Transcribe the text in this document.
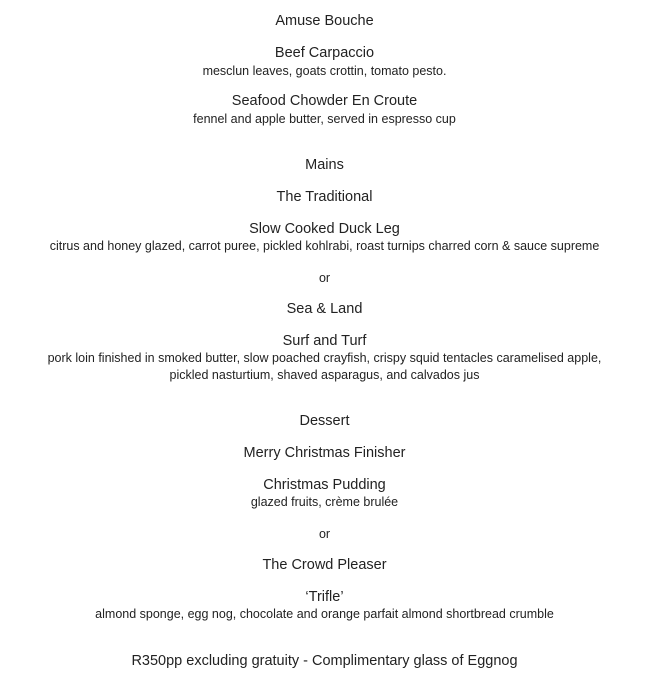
Amuse Bouche
Beef Carpaccio
mesclun leaves, goats crottin, tomato pesto.
Seafood Chowder En Croute
fennel and apple butter, served in espresso cup
Mains
The Traditional
Slow Cooked Duck Leg
citrus and honey glazed, carrot puree, pickled kohlrabi, roast turnips charred corn & sauce supreme
or
Sea & Land
Surf and Turf
pork loin finished in smoked butter, slow poached crayfish, crispy squid tentacles caramelised apple,
pickled nasturtium, shaved asparagus, and calvados jus
Dessert
Merry Christmas Finisher
Christmas Pudding
glazed fruits, crème brulée
or
The Crowd Pleaser
‘Trifle’
almond sponge, egg nog, chocolate and orange parfait almond shortbread crumble
R350pp excluding gratuity - Complimentary glass of Eggnog
